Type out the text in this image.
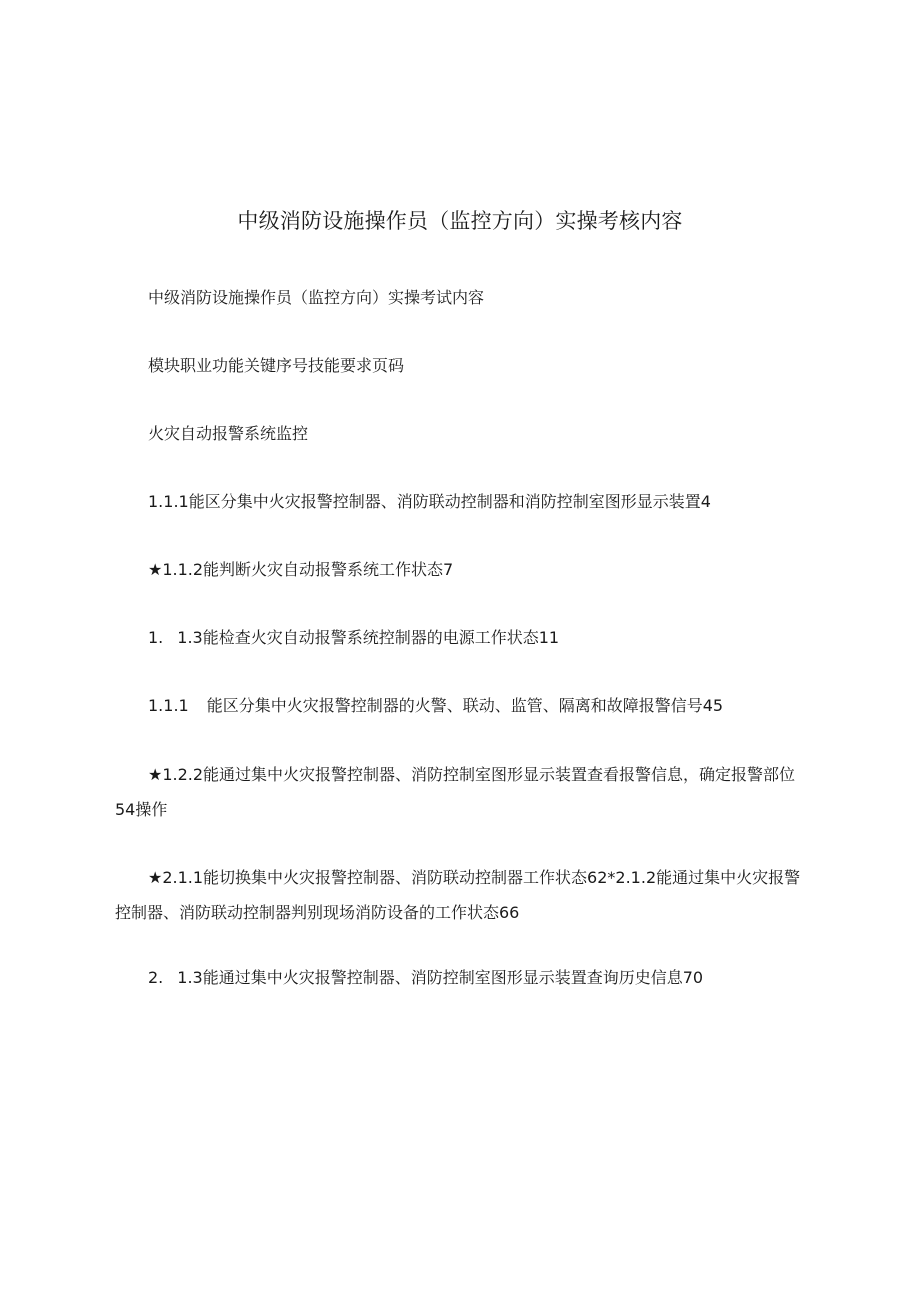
中级消防设施操作员（监控方向）实操考核内容
中级消防设施操作员（监控方向）实操考试内容
模块职业功能关键序号技能要求页码
火灾自动报警系统监控
1.1.1能区分集中火灾报警控制器、消防联动控制器和消防控制室图形显示装置4
★1.1.2能判断火灾自动报警系统工作状态7
1. 1.3能检查火灾自动报警系统控制器的电源工作状态11
1.1.1 能区分集中火灾报警控制器的火警、联动、监管、隔离和故障报警信号45
★1.2.2能通过集中火灾报警控制器、消防控制室图形显示装置查看报警信息，确定报警部位54操作
★2.1.1能切换集中火灾报警控制器、消防联动控制器工作状态62*2.1.2能通过集中火灾报警控制器、消防联动控制器判别现场消防设备的工作状态66
2. 1.3能通过集中火灾报警控制器、消防控制室图形显示装置查询历史信息70
